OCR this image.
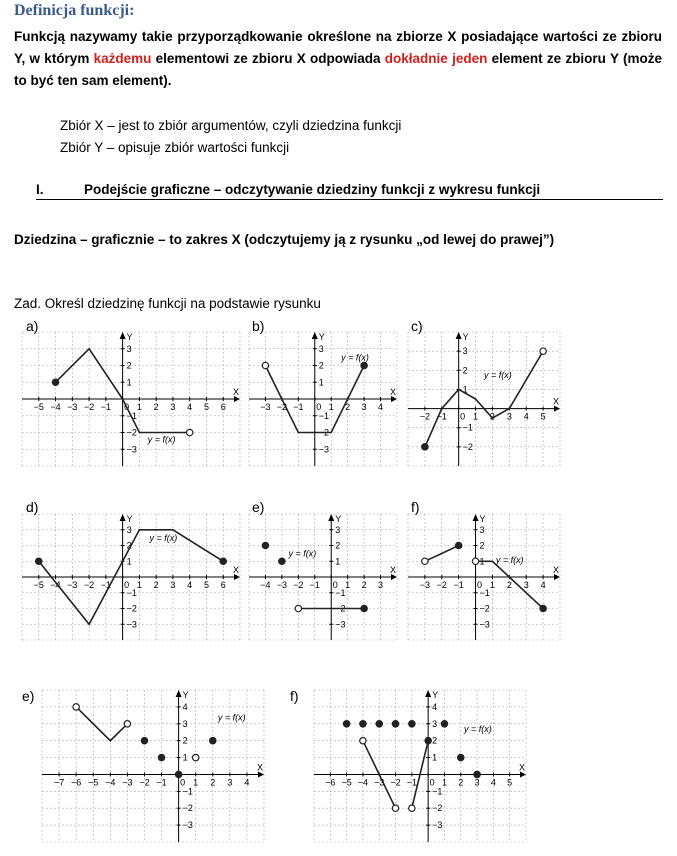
Definicja funkcji:
Funkcją nazywamy takie przyporządkowanie określone na zbiorze X posiadające wartości ze zbioru Y, w którym każdemu elementowi ze zbioru X odpowiada dokładnie jeden element ze zbioru Y (może to być ten sam element).
Zbiór X – jest to zbiór argumentów, czyli dziedzina funkcji
Zbiór Y – opisuje zbiór wartości funkcji
I.	Podejście graficzne – odczytywanie dziedziny funkcji z wykresu funkcji
Dziedzina – graficznie – to zakres X (odczytujemy ją z rysunku „od lewej do prawej”)
Zad. Określ dziedzinę funkcji na podstawie rysunku
X
Y
−5 −4 −3 −2 −1 0 1 2 3 4 5 6
−3
−2
−1
1
2
3
y = f(x)
X
Y
−3 −2 −1 0 1 2 3 4
−3
−2
−1
1
2
3
y = f(x)
X
Y
−2 −1 0 1 2 3 4 5
−2
−1
1
2
3
y = f(x)
X
Y
−5 −4 −3 −2 −1 0 1 2 3 4 5 6
−3
−2
−1
1
2
3
y = f(x)
X
Y
−4 −3 −2 −1 0 1 2 3
−3
−2
−1
1
2
3
y = f(x)
X
Y
−3 −2 −1 0 1 2 3 4
−3
−2
−1
1
2
3
y = f(x)
X
Y
−7 −6 −5 −4 −3 −2 −1 0 1 2 3 4
−3
−2
−1
1
2
3
4
y = f(x)
X
Y
−6 −5 −4 −3 −2 −1 0 1 2 3 4 5
−3
−2
−1
1
2
3
4
y = f(x)
a)	b)	c)
d)	e)	f)
e)	f)
